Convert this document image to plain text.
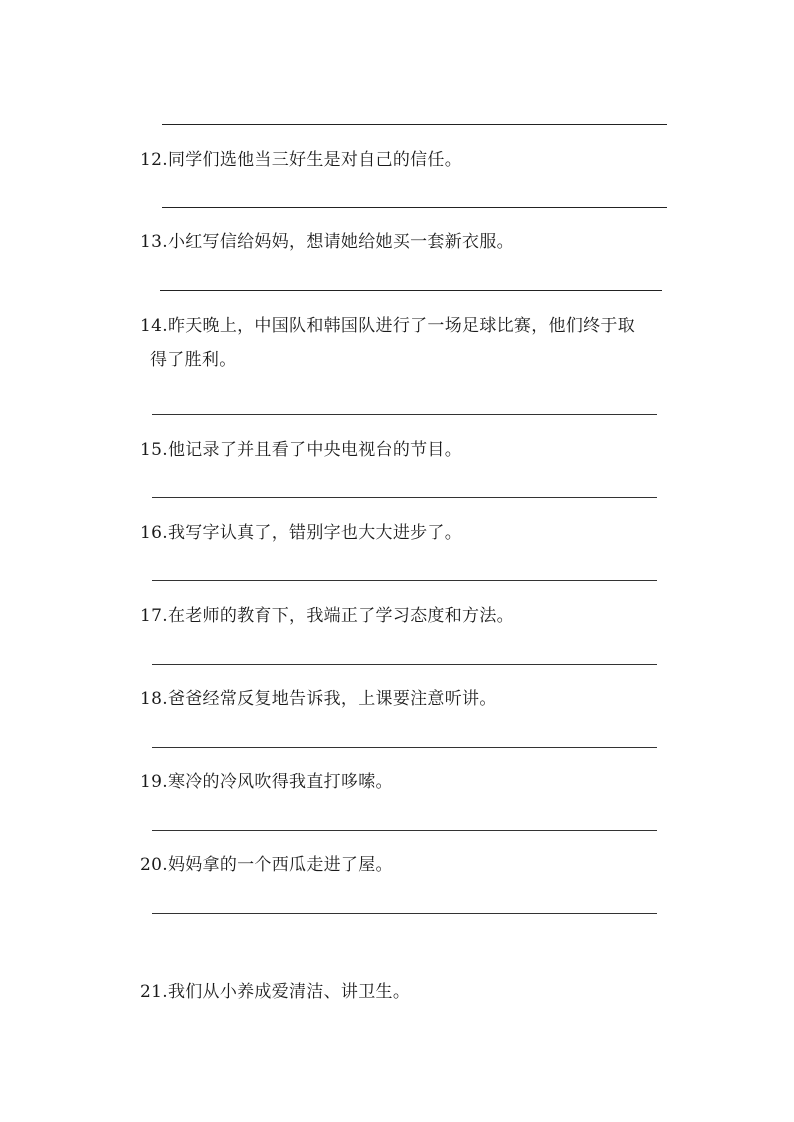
12.同学们选他当三好生是对自己的信任。
13.小红写信给妈妈，想请她给她买一套新衣服。
14.昨天晚上，中国队和韩国队进行了一场足球比赛，他们终于取
得了胜利。
15.他记录了并且看了中央电视台的节目。
16.我写字认真了，错别字也大大进步了。
17.在老师的教育下，我端正了学习态度和方法。
18.爸爸经常反复地告诉我，上课要注意听讲。
19.寒冷的冷风吹得我直打哆嗦。
20.妈妈拿的一个西瓜走进了屋。
21.我们从小养成爱清洁、讲卫生。
